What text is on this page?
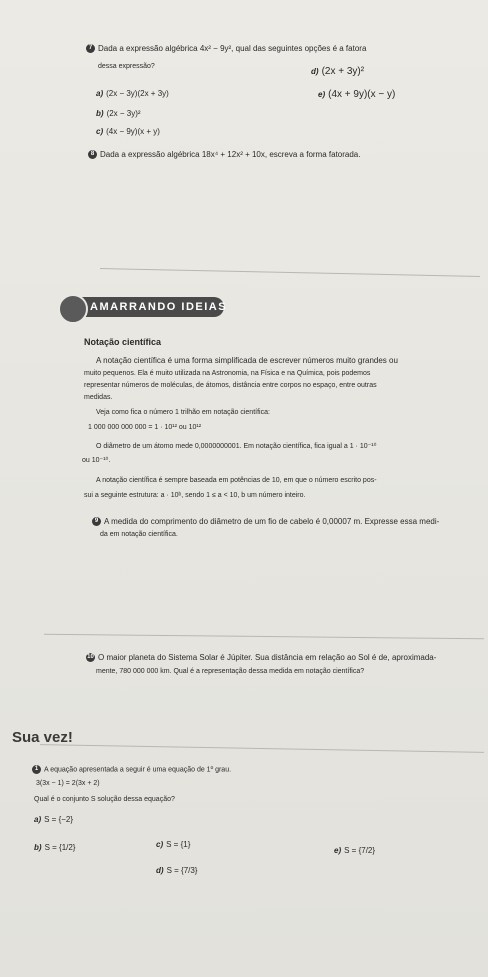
7 Dada a expressão algébrica 4x² − 9y², qual das seguintes opções é a fatora
dessa expressão?
a) (2x − 3y)(2x + 3y)
b) (2x − 3y)²
c) (4x − 9y)(x + y)
d) (2x + 3y)²
e) (4x + 9y)(x − y)
8 Dada a expressão algébrica 18x⁴ + 12x² + 10x, escreva a forma fatorada.
AMARRANDO IDEIAS
Notação científica
A notação científica é uma forma simplificada de escrever números muito grandes ou
muito pequenos. Ela é muito utilizada na Astronomia, na Física e na Química, pois podemos
representar números de moléculas, de átomos, distância entre corpos no espaço, entre outras
medidas.
Veja como fica o número 1 trilhão em notação científica:
1 000 000 000 000 = 1 · 10¹² ou 10¹²
O diâmetro de um átomo mede 0,0000000001. Em notação científica, fica igual a 1 · 10⁻¹⁰
ou 10⁻¹⁰.
A notação científica é sempre baseada em potências de 10, em que o número escrito pos-
sui a seguinte estrutura: a · 10ᵇ, sendo 1 ≤ a < 10, b um número inteiro.
9 A medida do comprimento do diâmetro de um fio de cabelo é 0,00007 m. Expresse essa medi-
da em notação científica.
10 O maior planeta do Sistema Solar é Júpiter. Sua distância em relação ao Sol é de, aproximada-
mente, 780 000 000 km. Qual é a representação dessa medida em notação científica?
Sua vez!
1 A equação apresentada a seguir é uma equação de 1º grau.
3(3x − 1) = 2(3x + 2)
Qual é o conjunto S solução dessa equação?
a) S = {−2}
b) S = {1/2}	c) S = {1}
d) S = {7/3}
e) S = {7/2}
